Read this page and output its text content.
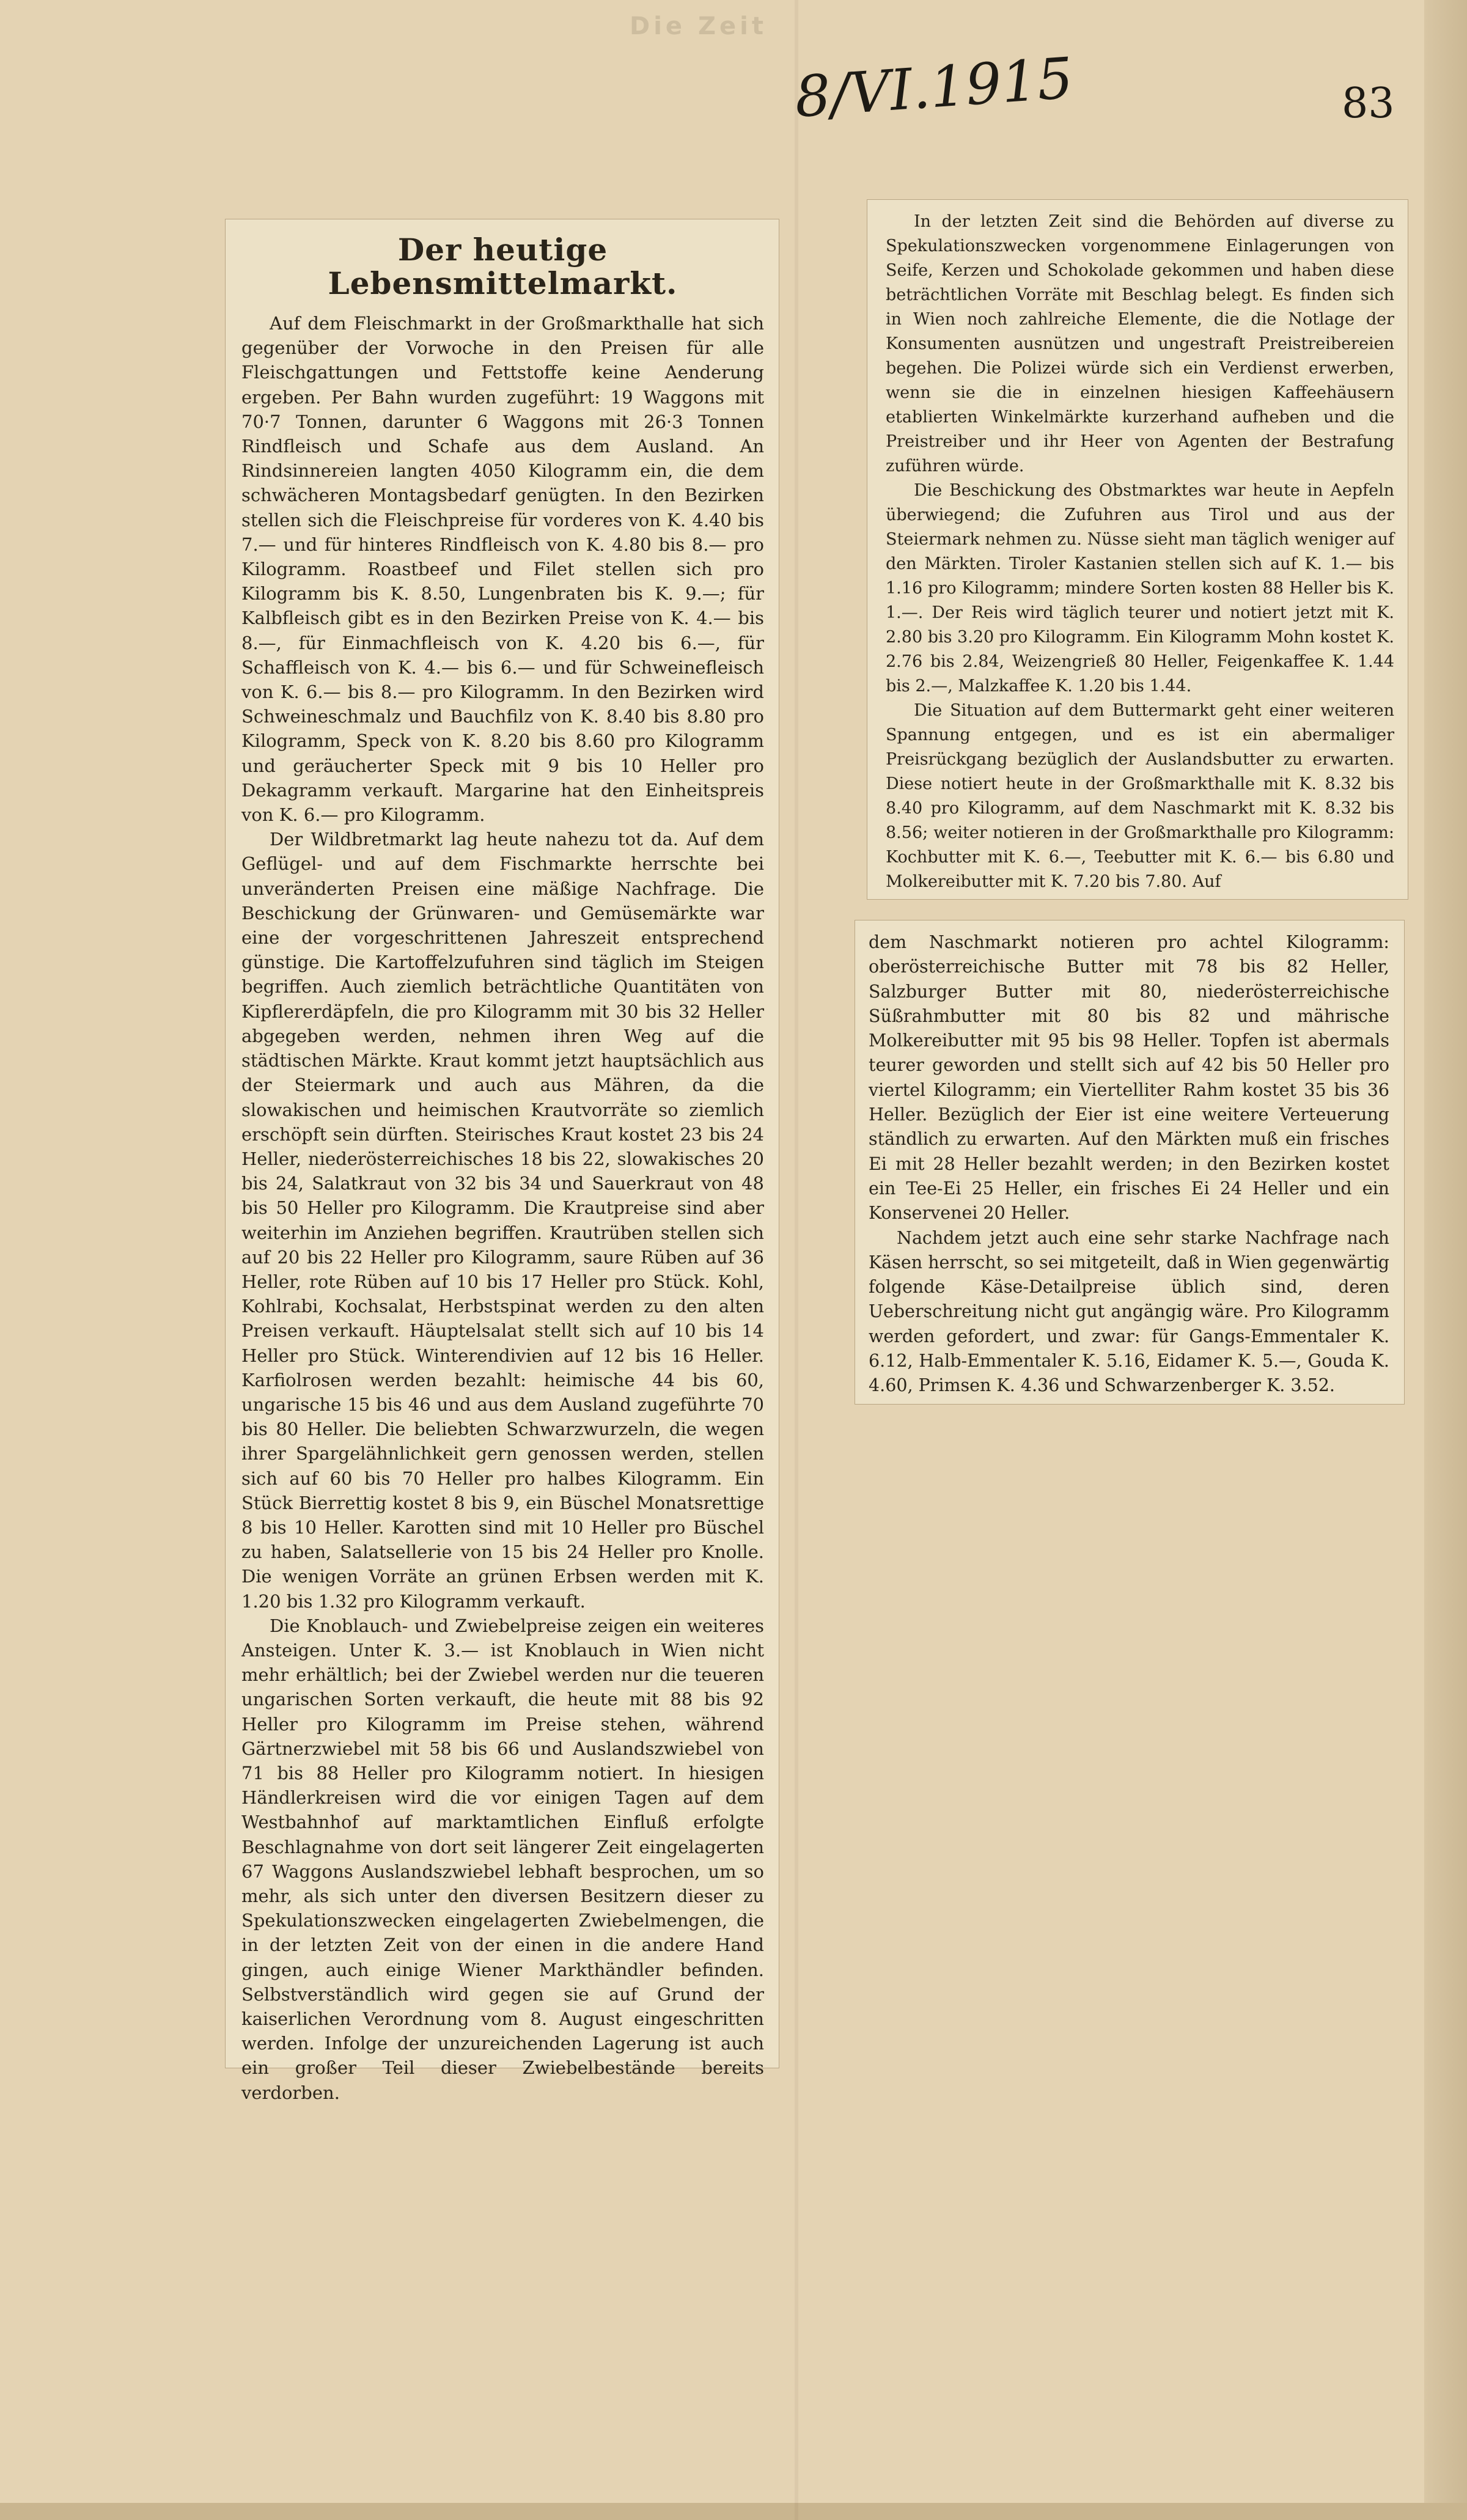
Die Zeit
8/VI.1915	83
Der heutige Lebensmittelmarkt.

Auf dem Fleischmarkt in der Großmarkthalle hat sich gegenüber der Vorwoche in den Preisen für alle Fleischgattungen und Fettstoffe keine Aenderung ergeben. Per Bahn wurden zugeführt: 19 Waggons mit 70·7 Tonnen, darunter 6 Waggons mit 26·3 Tonnen Rindfleisch und Schafe aus dem Ausland. An Rindsinnereien langten 4050 Kilogramm ein, die dem schwächeren Montagsbedarf genügten. In den Bezirken stellen sich die Fleischpreise für vorderes von K. 4.40 bis 7.— und für hinteres Rindfleisch von K. 4.80 bis 8.— pro Kilogramm. Roastbeef und Filet stellen sich pro Kilogramm bis K. 8.50, Lungenbraten bis K. 9.—; für Kalbfleisch gibt es in den Bezirken Preise von K. 4.— bis 8.—, für Einmachfleisch von K. 4.20 bis 6.—, für Schaffleisch von K. 4.— bis 6.— und für Schweinefleisch von K. 6.— bis 8.— pro Kilogramm. In den Bezirken wird Schweineschmalz und Bauchfilz von K. 8.40 bis 8.80 pro Kilogramm, Speck von K. 8.20 bis 8.60 pro Kilogramm und geräucherter Speck mit 9 bis 10 Heller pro Dekagramm verkauft. Margarine hat den Einheitspreis von K. 6.— pro Kilogramm.

Der Wildbretmarkt lag heute nahezu tot da. Auf dem Geflügel- und auf dem Fischmarkte herrschte bei unveränderten Preisen eine mäßige Nachfrage. Die Beschickung der Grünwaren- und Gemüsemärkte war eine der vorgeschrittenen Jahreszeit entsprechend günstige. Die Kartoffelzufuhren sind täglich im Steigen begriffen. Auch ziemlich beträchtliche Quantitäten von Kipflererdäpfeln, die pro Kilogramm mit 30 bis 32 Heller abgegeben werden, nehmen ihren Weg auf die städtischen Märkte. Kraut kommt jetzt hauptsächlich aus der Steiermark und auch aus Mähren, da die slowakischen und heimischen Krautvorräte so ziemlich erschöpft sein dürften. Steirisches Kraut kostet 23 bis 24 Heller, niederösterreichisches 18 bis 22, slowakisches 20 bis 24, Salatkraut von 32 bis 34 und Sauerkraut von 48 bis 50 Heller pro Kilogramm. Die Krautpreise sind aber weiterhin im Anziehen begriffen. Krautrüben stellen sich auf 20 bis 22 Heller pro Kilogramm, saure Rüben auf 36 Heller, rote Rüben auf 10 bis 17 Heller pro Stück. Kohl, Kohlrabi, Kochsalat, Herbstspinat werden zu den alten Preisen verkauft. Häuptelsalat stellt sich auf 10 bis 14 Heller pro Stück. Winterendivien auf 12 bis 16 Heller. Karfiolrosen werden bezahlt: heimische 44 bis 60, ungarische 15 bis 46 und aus dem Ausland zugeführte 70 bis 80 Heller. Die beliebten Schwarzwurzeln, die wegen ihrer Spargelähnlichkeit gern genossen werden, stellen sich auf 60 bis 70 Heller pro halbes Kilogramm. Ein Stück Bierrettig kostet 8 bis 9, ein Büschel Monatsrettige 8 bis 10 Heller. Karotten sind mit 10 Heller pro Büschel zu haben, Salatsellerie von 15 bis 24 Heller pro Knolle. Die wenigen Vorräte an grünen Erbsen werden mit K. 1.20 bis 1.32 pro Kilogramm verkauft.

Die Knoblauch- und Zwiebelpreise zeigen ein weiteres Ansteigen. Unter K. 3.— ist Knoblauch in Wien nicht mehr erhältlich; bei der Zwiebel werden nur die teueren ungarischen Sorten verkauft, die heute mit 88 bis 92 Heller pro Kilogramm im Preise stehen, während Gärtnerzwiebel mit 58 bis 66 und Auslandszwiebel von 71 bis 88 Heller pro Kilogramm notiert. In hiesigen Händlerkreisen wird die vor einigen Tagen auf dem Westbahnhof auf marktamtlichen Einfluß erfolgte Beschlagnahme von dort seit längerer Zeit eingelagerten 67 Waggons Auslandszwiebel lebhaft besprochen, um so mehr, als sich unter den diversen Besitzern dieser zu Spekulationszwecken eingelagerten Zwiebelmengen, die in der letzten Zeit von der einen in die andere Hand gingen, auch einige Wiener Markthändler befinden. Selbstverständlich wird gegen sie auf Grund der kaiserlichen Verordnung vom 8. August eingeschritten werden. Infolge der unzureichenden Lagerung ist auch ein großer Teil dieser Zwiebelbestände bereits verdorben.

In der letzten Zeit sind die Behörden auf diverse zu Spekulationszwecken vorgenommene Einlagerungen von Seife, Kerzen und Schokolade gekommen und haben diese beträchtlichen Vorräte mit Beschlag belegt. Es finden sich in Wien noch zahlreiche Elemente, die die Notlage der Konsumenten ausnützen und ungestraft Preistreibereien begehen. Die Polizei würde sich ein Verdienst erwerben, wenn sie die in einzelnen hiesigen Kaffeehäusern etablierten Winkelmärkte kurzerhand aufheben und die Preistreiber und ihr Heer von Agenten der Bestrafung zuführen würde.

Die Beschickung des Obstmarktes war heute in Aepfeln überwiegend; die Zufuhren aus Tirol und aus der Steiermark nehmen zu. Nüsse sieht man täglich weniger auf den Märkten. Tiroler Kastanien stellen sich auf K. 1.— bis 1.16 pro Kilogramm; mindere Sorten kosten 88 Heller bis K. 1.—. Der Reis wird täglich teurer und notiert jetzt mit K. 2.80 bis 3.20 pro Kilogramm. Ein Kilogramm Mohn kostet K. 2.76 bis 2.84, Weizengrieß 80 Heller, Feigenkaffee K. 1.44 bis 2.—, Malzkaffee K. 1.20 bis 1.44.

Die Situation auf dem Buttermarkt geht einer weiteren Spannung entgegen, und es ist ein abermaliger Preisrückgang bezüglich der Auslandsbutter zu erwarten. Diese notiert heute in der Großmarkthalle mit K. 8.32 bis 8.40 pro Kilogramm, auf dem Naschmarkt mit K. 8.32 bis 8.56; weiter notieren in der Großmarkthalle pro Kilogramm: Kochbutter mit K. 6.—, Teebutter mit K. 6.— bis 6.80 und Molkereibutter mit K. 7.20 bis 7.80. Auf

dem Naschmarkt notieren pro achtel Kilogramm: oberösterreichische Butter mit 78 bis 82 Heller, Salzburger Butter mit 80, niederösterreichische Süßrahmbutter mit 80 bis 82 und mährische Molkereibutter mit 95 bis 98 Heller. Topfen ist abermals teurer geworden und stellt sich auf 42 bis 50 Heller pro viertel Kilogramm; ein Viertelliter Rahm kostet 35 bis 36 Heller. Bezüglich der Eier ist eine weitere Verteuerung ständlich zu erwarten. Auf den Märkten muß ein frisches Ei mit 28 Heller bezahlt werden; in den Bezirken kostet ein Tee-Ei 25 Heller, ein frisches Ei 24 Heller und ein Konservenei 20 Heller.

Nachdem jetzt auch eine sehr starke Nachfrage nach Käsen herrscht, so sei mitgeteilt, daß in Wien gegenwärtig folgende Käse-Detailpreise üblich sind, deren Ueberschreitung nicht gut angängig wäre. Pro Kilogramm werden gefordert, und zwar: für Gangs-Emmentaler K. 6.12, Halb-Emmentaler K. 5.16, Eidamer K. 5.—, Gouda K. 4.60, Primsen K. 4.36 und Schwarzenberger K. 3.52.
